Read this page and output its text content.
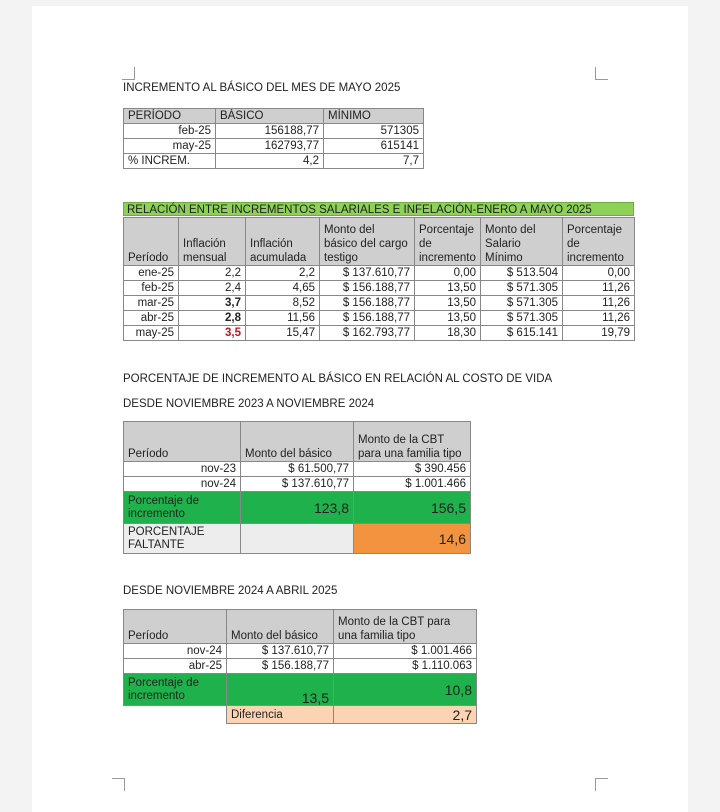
INCREMENTO AL BÁSICO DEL MES DE MAYO 2025
PERÍODO	BÁSICO	MÍNIMO
feb-25	156188,77	571305
may-25	162793,77	615141
% INCREM.	4,2	7,7
RELACIÓN ENTRE INCREMENTOS SALARIALES E INFELACIÓN-ENERO A MAYO 2025
Período	Inflación mensual	Inflación acumulada	Monto del básico del cargo testigo	Porcentaje de incremento	Monto del Salario Mínimo	Porcentaje de incremento
ene-25	2,2	2,2	$ 137.610,77	0,00	$ 513.504	0,00
feb-25	2,4	4,65	$ 156.188,77	13,50	$ 571.305	11,26
mar-25	3,7	8,52	$ 156.188,77	13,50	$ 571.305	11,26
abr-25	2,8	11,56	$ 156.188,77	13,50	$ 571.305	11,26
may-25	3,5	15,47	$ 162.793,77	18,30	$ 615.141	19,79
PORCENTAJE DE INCREMENTO AL BÁSICO EN RELACIÓN AL COSTO DE VIDA
DESDE NOVIEMBRE 2023 A NOVIEMBRE 2024
Período	Monto del básico	Monto de la CBT para una familia tipo
nov-23	$ 61.500,77	$ 390.456
nov-24	$ 137.610,77	$ 1.001.466
Porcentaje de incremento	123,8	156,5
PORCENTAJE FALTANTE		14,6
DESDE NOVIEMBRE 2024 A ABRIL 2025
Período	Monto del básico	Monto de la CBT para una familia tipo
nov-24	$ 137.610,77	$ 1.001.466
abr-25	$ 156.188,77	$ 1.110.063
Porcentaje de incremento	13,5	10,8
	Diferencia	2,7
